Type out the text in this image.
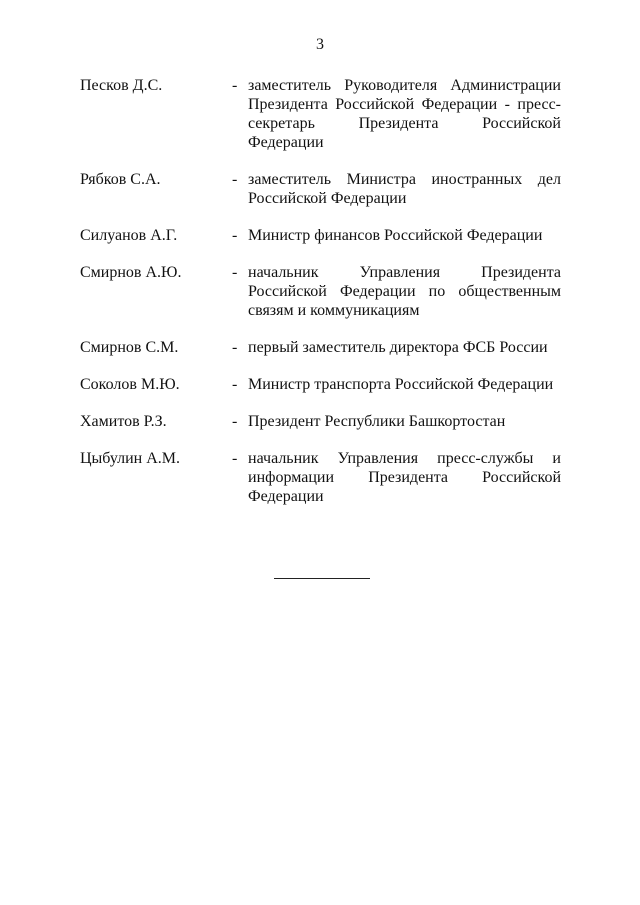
3
Песков Д.С.	- заместитель Руководителя Администрации Президента Российской Федерации - пресс-секретарь Президента Российской Федерации
Рябков С.А.	- заместитель Министра иностранных дел Российской Федерации
Силуанов А.Г.	- Министр финансов Российской Федерации
Смирнов А.Ю.	- начальник Управления Президента Российской Федерации по общественным связям и коммуникациям
Смирнов С.М.	- первый заместитель директора ФСБ России
Соколов М.Ю.	- Министр транспорта Российской Федерации
Хамитов Р.З.	- Президент Республики Башкортостан
Цыбулин А.М.	- начальник Управления пресс-службы и информации Президента Российской Федерации
